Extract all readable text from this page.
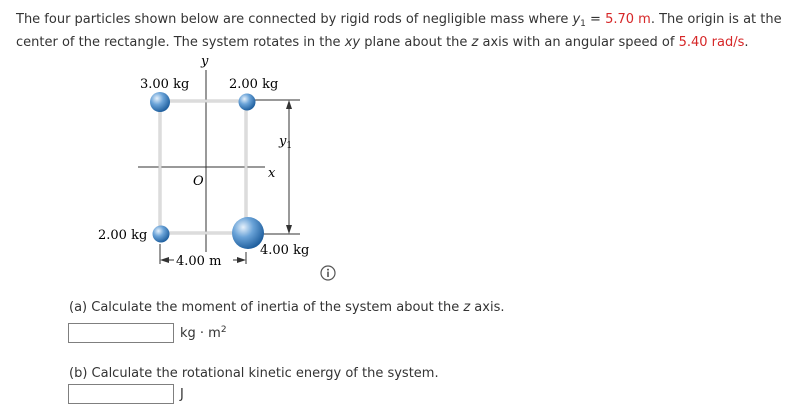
The four particles shown below are connected by rigid rods of negligible mass where $y_1 = 5.70$ m. The origin is at the center of the rectangle. The system rotates in the xy plane about the z axis with an angular speed of 5.40 rad/s.

y
x
O
$y_1$
4.00 m
3.00 kg	2.00 kg
2.00 kg
4.00 kg

(a) Calculate the moment of inertia of the system about the z axis.

kg · $m^2$

(b) Calculate the rotational kinetic energy of the system.

J
